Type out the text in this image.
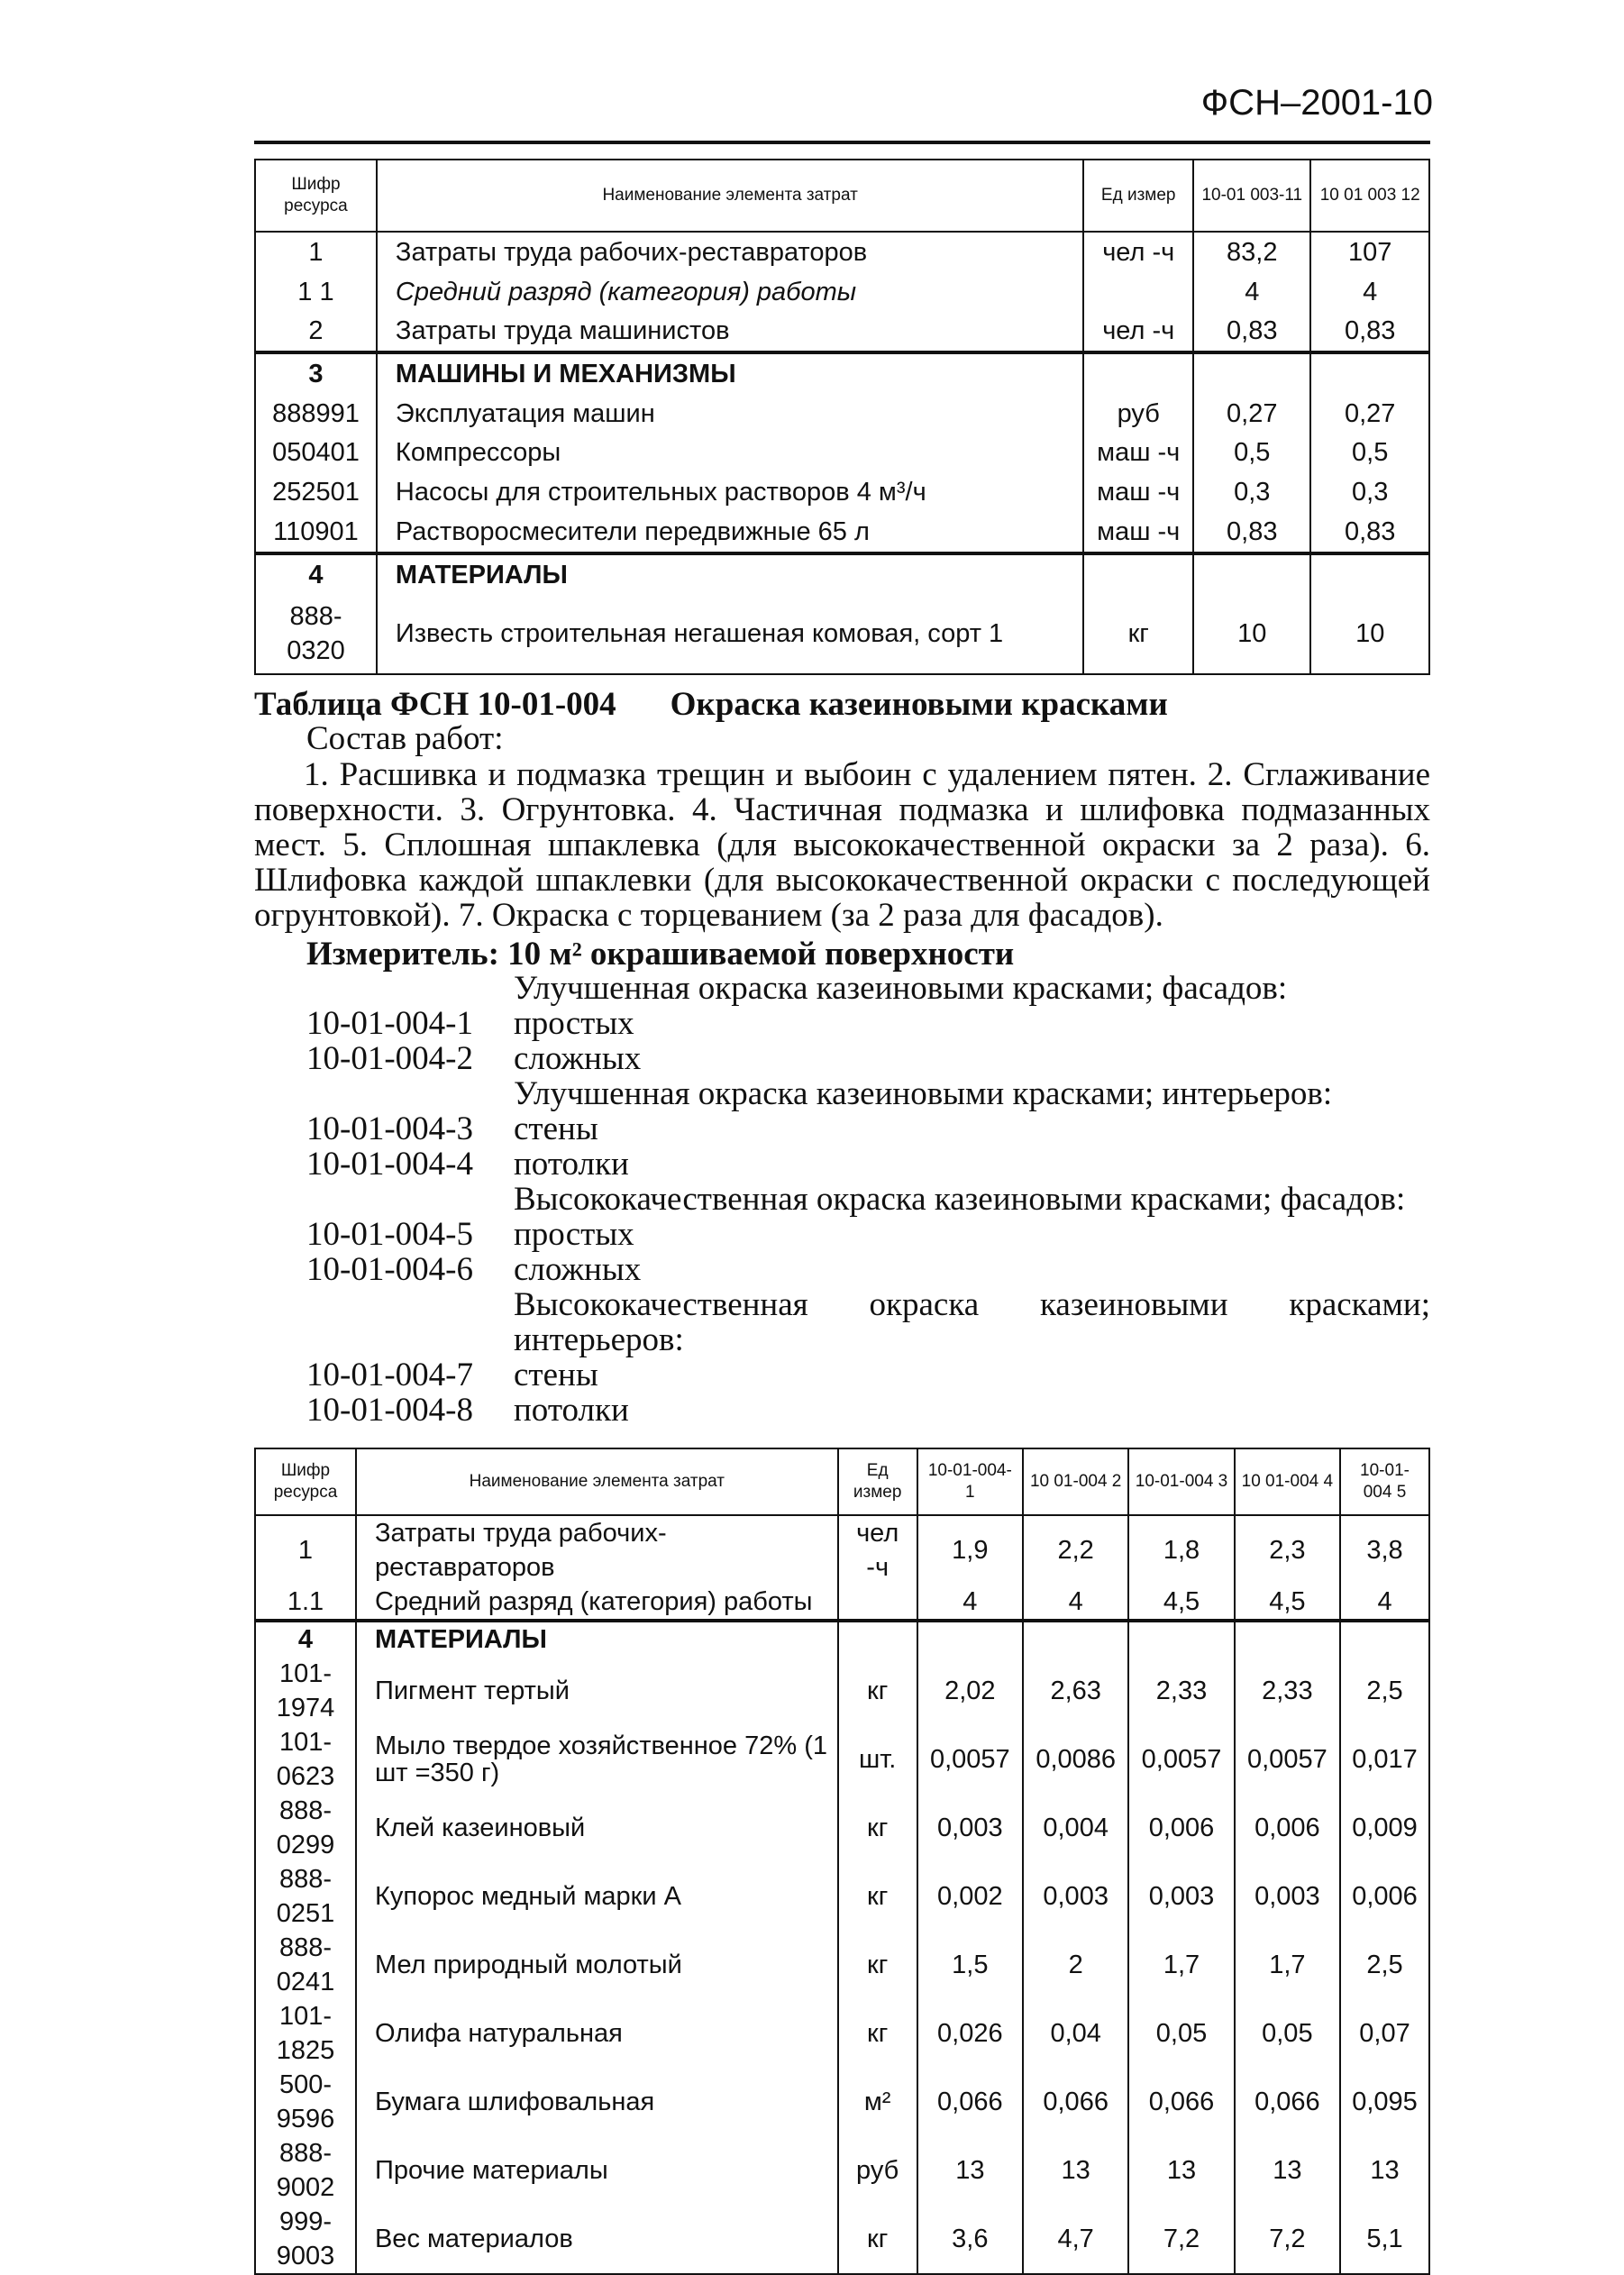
ФСН–2001-10
Шифр ресурса	Наименование элемента затрат	Ед измер	10-01 003-11	10 01 003 12
1	Затраты труда рабочих-реставраторов	чел -ч	83,2	107
1 1	Средний разряд (категория) работы		4	4
2	Затраты труда машинистов	чел -ч	0,83	0,83
3	МАШИНЫ И МЕХАНИЗМЫ			
888991	Эксплуатация машин	руб	0,27	0,27
050401	Компрессоры	маш -ч	0,5	0,5
252501	Насосы для строительных растворов 4 м³/ч	маш -ч	0,3	0,3
110901	Растворосмесители передвижные 65 л	маш -ч	0,83	0,83
4	МАТЕРИАЛЫ			
888-0320	Известь строительная негашеная комовая, сорт 1	кг	10	10
Таблица ФСН 10-01-004 Окраска казеиновыми красками
Состав работ:
1. Расшивка и подмазка трещин и выбоин с удалением пятен. 2. Сглаживание поверхности. 3. Огрунтовка. 4. Частичная подмазка и шлифовка подмазанных мест. 5. Сплошная шпаклевка (для высококачественной окраски за 2 раза). 6. Шлифовка каждой шпаклевки (для высококачественной окраски с последующей огрунтовкой). 7. Окраска с торцеванием (за 2 раза для фасадов).
Измеритель: 10 м² окрашиваемой поверхности
Улучшенная окраска казеиновыми красками; фасадов:
10-01-004-1	простых
10-01-004-2	сложных
Улучшенная окраска казеиновыми красками; интерьеров:
10-01-004-3	стены
10-01-004-4	потолки
Высококачественная окраска казеиновыми красками; фасадов:
10-01-004-5	простых
10-01-004-6	сложных
Высококачественная окраска казеиновыми красками; интерьеров:
10-01-004-7	стены
10-01-004-8	потолки
Шифр ресурса	Наименование элемента затрат	Ед измер	10-01-004-1	10 01-004 2	10-01-004 3	10 01-004 4	10-01-004 5
1	Затраты труда рабочих-реставраторов	чел -ч	1,9	2,2	1,8	2,3	3,8
1.1	Средний разряд (категория) работы		4	4	4,5	4,5	4
4	МАТЕРИАЛЫ						
101-1974	Пигмент тертый	кг	2,02	2,63	2,33	2,33	2,5
101-0623	Мыло твердое хозяйственное 72% (1 шт =350 г)	шт.	0,0057	0,0086	0,0057	0,0057	0,017
888-0299	Клей казеиновый	кг	0,003	0,004	0,006	0,006	0,009
888-0251	Купорос медный марки А	кг	0,002	0,003	0,003	0,003	0,006
888-0241	Мел природный молотый	кг	1,5	2	1,7	1,7	2,5
101-1825	Олифа натуральная	кг	0,026	0,04	0,05	0,05	0,07
500-9596	Бумага шлифовальная	м²	0,066	0,066	0,066	0,066	0,095
888-9002	Прочие материалы	руб	13	13	13	13	13
999-9003	Вес материалов	кг	3,6	4,7	7,2	7,2	5,1
